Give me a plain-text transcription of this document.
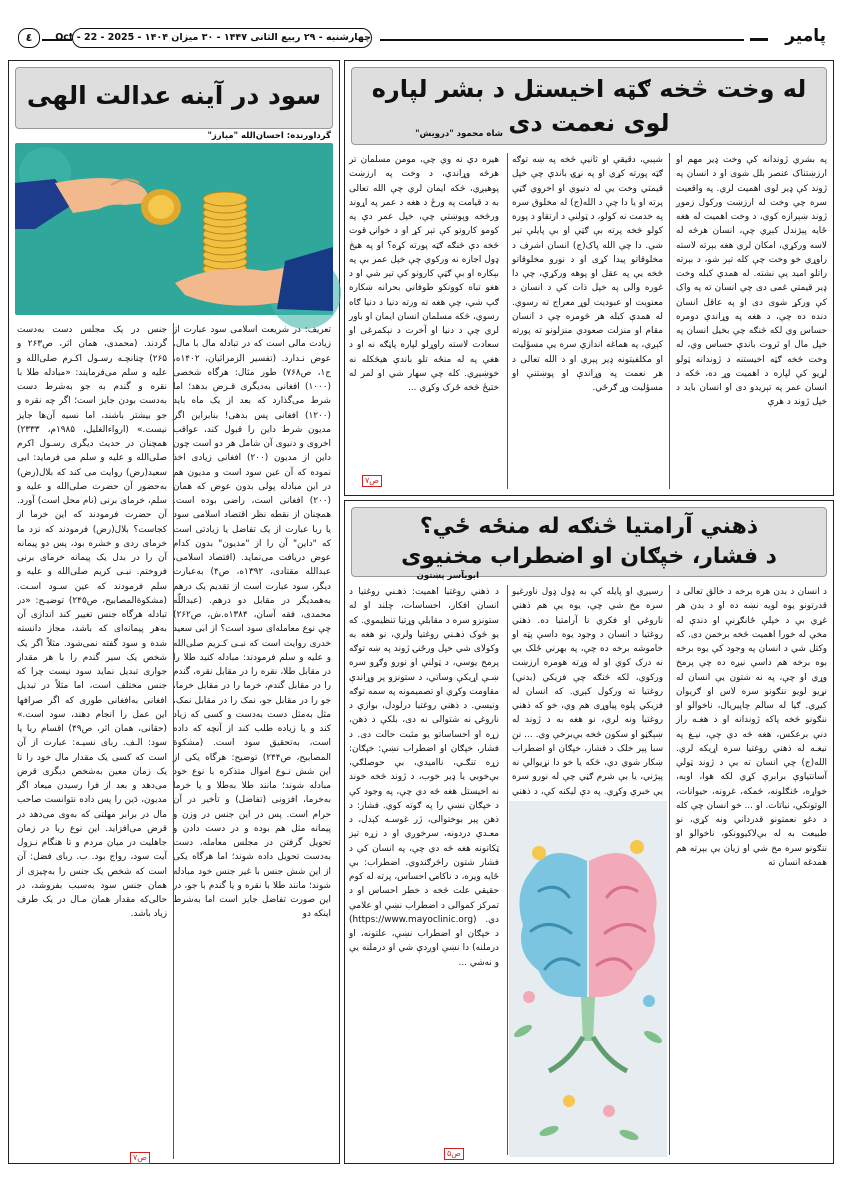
پامير
چهارشنبه - ۲۹ ربيع الثانی ۱۴۴۷ - ۳۰ ميزان ۱۴۰۴ - Oct - 22 - 2025
٤
له وخت څخه ګټه اخيستل د بشر لپاره
لوی نعمت دی
شاه محمود "درويش"
په بشري ژوندانه کې وخت ډير مهم او ارزښتناک عنصر بلل شوی او د انسان په ژوند کې ډیر لوی اهمیت لري. په واقعيت سره چې وخت له ارزښت ورکول زموږ ژوند ښېرازه کوي، د وخت اهميت له هغه ځايه پېژندل کېږي چې، انسان هرڅه له لاسه ورکړي، امکان لري هغه بېرته لاسته راوړي خو وخت چې کله تېر شو، د بېرته راتلو امید یې نشته. له همدې کبله وخت ډیر قیمتي غمی دی چې انسان ته په واک کې ورکړ شوی دی او په عاقل انسان دنده ده چې، د هغه په وړاندې دومره حساس وي لکه څنګه چې بخیل انسان په خپل مال او ثروت باندې حساس وي، له وخت څخه ګټه اخیستنه د ژوندانه ټولو لړیو کې لپاره د اهمیت وړ ده، څکه د انسان عمر په تېریدو دی او انسان باید د خپل ژوند د هرې
شېبې، دقیقې او ثانیې څخه په ښه توګه ګټه پورته کړي او په نړۍ باندې چې خپل قیمتي وخت یې له دنیوي او اخروي ګټې پرته او یا دا چې د الله(ج) له مخلوق سره په خدمت نه کولو، د ټولنې د ارتقاو د پوره کولو څخه پرته بې ګټې او بې پایلې تېر شي. دا چې الله پاک(ج) انسان اشرف د مخلوقاتو پیدا کړی او د نورو مخلوقاتو څخه یې په عقل او پوهه ورکړې، چې دا غوره والی په خپل ذات کې د انسان د معنویت او عبودیت لوړ معراج ته رسوي. له همدې کبله هر څومره چې د انسان مقام او منزلت صعودي منزلونو ته پورته کېږي، په هماغه اندازې سره یې مسؤلیت او مکلفیتونه ډیر پېري او د الله تعالی د هر نعمت په وړاندې او پوښتنې او مسؤلیت وړ ګرځي.
هيره دې نه وي چې، مومن مسلمان تر هرڅه وړاندې، د وخت په ارزښت پوهيږي، څکه ایمان لري چې الله تعالی به د قیامت په ورځ د هغه د عمر په اړوند ورڅخه وپوښتي چې، خپل عمر دې په کومو کارونو کې تېر کړ او د خوانۍ قوت څخه دې څنګه ګټه پورته کړه؟ او په هیڅ ډول اجازه نه ورکوي چې خپل عمر بې په بېکاره او بې ګټې کارونو کې تېر شي او د هغو تباه کوونکو طوفاني بحرانه ښکاره ګپ شي، چې هغه ته ورته دنيا د دنیا ګاه رسوي، څکه مسلمان انسان ایمان او باور لري چې د دنیا او آخرت د نېکمرغی او سعادت لاسته راوړلو لپاره پاڼګه نه او د هغې په له منځه تلو باندې هیڅکله نه خوښیږي. کله چې سهار شي او لمر له ختیځ څخه ځرک وکړي ...
ص۷
سود در آينه عدالت الهی
گرداورنده: احسان‌الله "مبارز"
تعریف: در شریعت اسلامی سود عبارت از زیادت مالی است که در تبادله مال با مال، عوض نـدارد. (تفسیر الزمراثیان، ۱۴۰۲ه، ج۱، ص۷۶۸) طور مثال: هرگاه شخصی (۱۰۰۰) افغانی به‌دیگری قـرض بدهد؛ اما شرط می‌گذارد که بعد از یک ماه باید (۱۲۰۰) افغانی پس بدهی! بنابراین اگر مدیون شرط داین را قبول کند، عواقب اخروی و دنیوی آن شامل هر دو است چون داین از مدیون (۲۰۰) افغانی زیادی اخذ نموده که آن عین سود است و مدیون هم در این مبادله پولی بدون عوض که همان (۲۰۰) افغانی است، راضی بوده است. همچنان از نقطه نظر اقتصاد اسلامی سود یا ربا عبارت از یک تفاضل یا زیادتی است که "داین" آن را از "مدیون" بدون کدام عوض دریافت می‌نماید. (اقتصاد اسلامی، عبدالله مقتادی، ۱۳۹۲ه، ص۴) به‌عبارت دیگر، سود عبارت است از تقدیم یک درهم به‌همدیگر در مقابل دو درهم. (عبداللّه محمدی، فقه آسان، ۱۳۸۴ه.ش، ص۲۶۲) چې نوع معامله‌ای سود است؟ از ابی‌ سعید خدری روایت است که نبـی‌ کـریم صلی‌الله و علیه و سلم فرمودند: مبادله کنید طلا را در مقابل طلا، نقره را در مقابل نقره، گندم را در مقابل گندم، خرما را در مقابل خرما، جو را در مقابل جو، نمک را در مقابل نمک، مثل به‌مثل دست به‌دست و کسی که زیاد کند و یا زیاده طلب کند از آنچه که داده است، به‌تحقیق سود است. (مشکوة المصابیح، ص۲۴۴) توضیح: هرگاه یکی از این شش نـوع اموال متذکره با نوع خود مبادله شوند؛ مانند طلا به‌طلا و یا خرما به‌خرما، افزونی (تفاضل) و تأخیر در آن حرام است. پس در این جنس در وزن و پیمانه مثل هم بوده و در دست دادن و تحویل گرفتن در مجلس معامله، دست به‌دست تحویل داده شوند؛ اما هرگاه یکی از این شش جنس با غیر جنس خود مبادله شوند؛ مانند طلا با نقره و یا گندم با جو، در این صورت تفاضل جایز است اما به‌شرط اینکه دو
جنس در یک مجلس دست به‌دست گردند. (محمدی، همان اثر، ص۲۶۳ و ۲۶۵) چنانچـه رسـول اکـرم صلی‌الله و علیه و سلم می‌فرمایند: «مبادله طلا با نقره و گندم به جو به‌شرط دست به‌دست بودن جایز است؛ اگر چه نقره و جو بیشتر باشند، اما نسیه آن‌ها جایز نیست.» (ارواءالغلیل، ۱۹۸۵م، ۲۳۳۳) همچنان در حدیث دیگری رسـول اکرم صلی‌الله و علیه و سلم می فرماید: ابی سعید(رض) روایت می کند که بلال(رض) به‌حضور آن حضرت صلی‌الله و علیه و سلم، خرمای برنی (نام محل است) آورد. آن حضرت فرمودند که این خرما از کجاست؟ بلال(رض) فرمودند که نزد ما خرمای ردی و خشره بود، پس دو پیمانه آن را در بدل یک پیمانه خرمای برنی فروختم. نبـی کریم صلی‌الله و علیه و سلم فرمودند که عین سـود اسـت. (مشکوةالمصابیح، ص۲۴۵) توضیـح: «در تبادله هرگاه جنس تغییر کند اندازی آن به‌هر پیمانه‌ای که باشد، مجاز دانسته شده و سود گفته نمی‌شود. مثلاً اگر یک شخص یک سیر گندم را با هر مقدار جواری تبدیل نماید سود نیست چرا که جنس مختلف است، اما مثلاً در تبدیل افغانی به‌افغانی طوری که اگر صرافها این عمل را انجام دهند، سود است.» (حقانی، همان اثر، ص۴۹) اقسام ربا یا سود: الـف. ربای نسیـه: عبارت از آن است که کسی یک مقدار مال خود را تا یک زمان معین به‌شخص دیگری قرض می‌دهد و بعد از فرا رسیدن میعاد اگر مدیون، دَین را پس داده نتوانست صاحب مال در برابر مهلتی که به‌وی می‌دهد در قرض می‌افزاید. این نوع ربا در زمان جاهلیت در میان مردم و تا هنگام نـزول آیت سود، رواج بود. ب. ربای فضل: آن است که شخص یک جنس را به‌چیزی از همان جنس سود به‌سبب بفروشد، در حالی‌که مقدار همان مـال در یک طرف زیاد باشد.
ص۷
ذهني آرامتيا څنګه له منځه ځي؟
د فشار، خپګان او اضطراب مخنيوی
ابويآسر پښتون
د انسان د بدن هره برخه د خالق تعالی د قدرتونو یوه لویه نښه ده او د بدن هر غړي بې د خپلې ځانګړنې او دندې له مخې له خورا اهمیت څخه برخمن دی. که وکتل شي د انسان په وجود کې یوه برخه بوه برخه هم داسې نیږه ده چې پرمخ وړي او چې، په نه شتون یې انسان له نړیو لویو ننګونو سره لاس او ګریوان کیږي. ګیا له سالم چاپیریال، ناخوالو او ننګونو څخه پاکه ژوندانه او د هغـه راز دنې برعکس، هغه څه دي چې، نیـغ په نیغـه له ذهني روغتيا سره اړيکه لري. الله(ج) چې انسان ته بې د ژوند ټولې آسانتياوې برابرې کړي لکه هوا، اوبه، خواړه، ځنګلونه، څمکه، غرونه، حیوانات، الوتونکي، نباتات. او ... خو انسان چې کله د دغو نعمتونو قدرداني ونه کړي، نو طبیعت به له بې‌لاکیوونکو، ناخوالو او ننګونو سره مخ شي او زیان یې بېرته هم همدغه انسان ته
رسیږي او پایله کې به ډول ډول ناورغیو سره مخ شي چې، یوه یې هم ذهني ناروغي او فکري نا آرامتیا ده. ذهني روغتيا د انسان د وجود یوه داسې پټه او خاموشه برخه ده چې، په بهرني ځلک بې نه درک کوي او له وړته هومره ارزښت ورکوي، لکه څنګه چې فزیکي (بدني) روغتیا ته ورکول کېږي. که انسان له فزیکي پلوه پیاوړی هم وي، خو که ذهني روغتيا ونه لري، نو هغه به د ژوند له ښېګڼو او سکون څخه بې‌برخې وي. ... نن سبا پېر خلک د فشار، خپګان او اضطراب ښکار شوي دي، څکه یا خو دا نړیوالې نه پېژني، یا بې شرم ګڼي چې له نورو سره یې خبرې وکړي. په دې ليکنه کې، د ذهني
د ذهني روغتيا اهميت: ذهـني روغتيا د انسان افکار، احساسات، چلند او له ستونزو سره د مقابلې وړتیا تنظیموي. که یو څوک ذهـني روغتيا ولري، نو هغه به وکولای شي خپل ورځنۍ ژوند په ښه توګه پرمخ یوسي، د ټولنې او نورو وګړو سره ښـې اړیکې وساتي، د ستونزو پر وړاندې مقاومت وکړي او تصمیمونه په سمه توګه ونیسي. د ذهني روغتيا درلودل، بوازې د ناروغۍ نه شتوالی نه دی، بلکې د ذهن، زړه او احساساتو یو مثبت حالت دی. د فشار، خپګان او اضطراب نښې: خپګان: زړه تنګـي، ناامیدي، بې حوصلګي، بې‌خوبي یا ډیر خوب، د ژوند څخه خوند نه اخیستل هغه څه دي چې، په وجود کې د خپګان نښې را په ګوته کوي. فشار: د ذهن پېر بوختوالی، ژر غوسـه کېدل، د معـدې دردونه، سرخوږي او د زړه تېز ټکانونه هغه څه دي چې، په انسان کې د فشار شتون راڅرګندوي. اضطراب: بې ځایه ویره، د ناکامۍ احساس، پرته له کوم حقیقي علت څخه د خطر احساس او د تمرکز کموالی د اضطراب نښې او علامې دي. (https://www.mayoclinic.org) د خپګان او اضطراب نښې، علتونه، او درملنه) دا نښې اوږدې شي او درملنه یې و نه‌شي ...
ص۵
